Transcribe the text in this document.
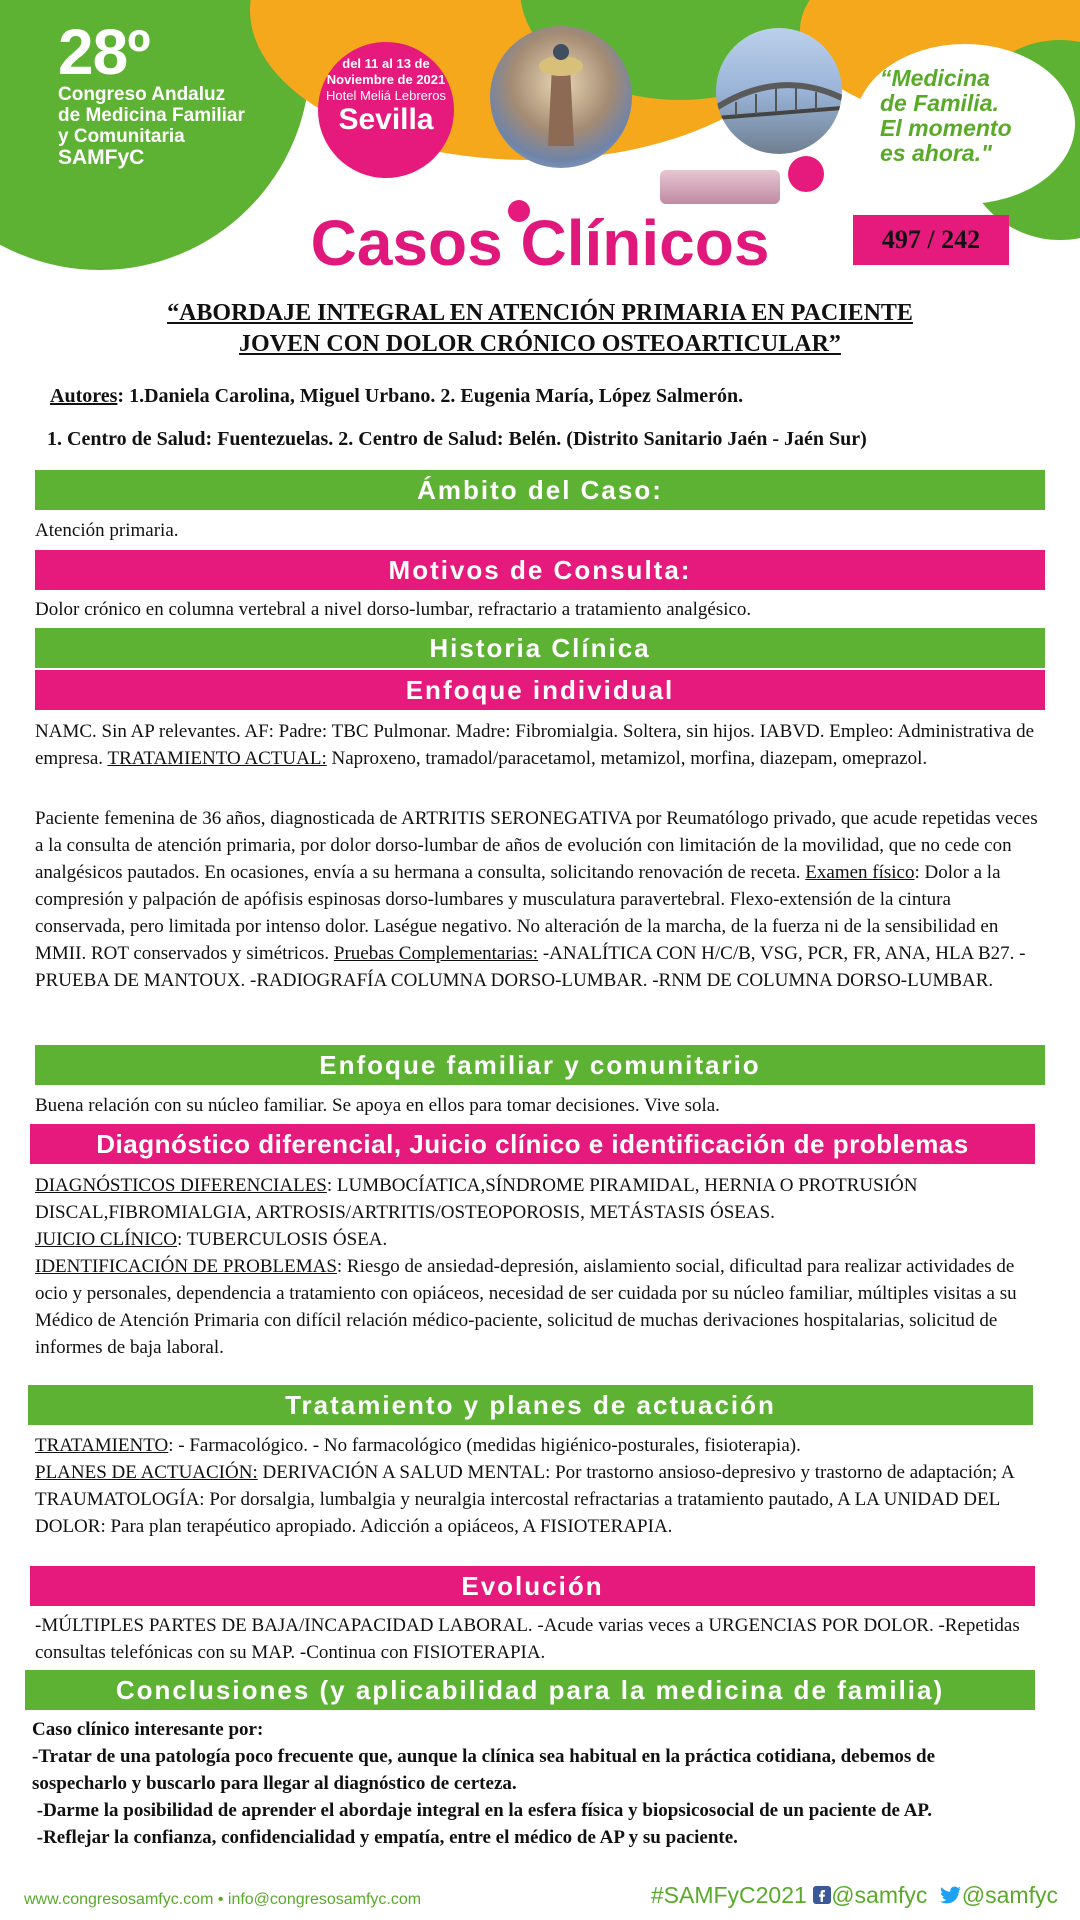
28º
Congreso Andaluz
de Medicina Familiar
y Comunitaria
SAMFyC
del 11 al 13 de
Noviembre de 2021
Hotel Meliá Lebreros
Sevilla
“Medicina
de Familia.
El momento
es ahora."
Casos Clínicos	497 / 242
“ABORDAJE INTEGRAL EN ATENCIÓN PRIMARIA EN PACIENTE
JOVEN CON DOLOR CRÓNICO OSTEOARTICULAR”
Autores: 1.Daniela Carolina, Miguel Urbano. 2. Eugenia María, López Salmerón.
1. Centro de Salud: Fuentezuelas. 2. Centro de Salud: Belén. (Distrito Sanitario Jaén - Jaén Sur)
Ámbito del Caso:
Atención primaria.
Motivos de Consulta:
Dolor crónico en columna vertebral a nivel dorso-lumbar, refractario a tratamiento analgésico.
Historia Clínica
Enfoque individual
NAMC. Sin AP relevantes. AF: Padre: TBC Pulmonar. Madre: Fibromialgia. Soltera, sin hijos. IABVD. Empleo: Administrativa de empresa. TRATAMIENTO ACTUAL: Naproxeno, tramadol/paracetamol, metamizol, morfina, diazepam, omeprazol.
Paciente femenina de 36 años, diagnosticada de ARTRITIS SERONEGATIVA por Reumatólogo privado, que acude repetidas veces a la consulta de atención primaria, por dolor dorso-lumbar de años de evolución con limitación de la movilidad, que no cede con analgésicos pautados. En ocasiones, envía a su hermana a consulta, solicitando renovación de receta. Examen físico: Dolor a la compresión y palpación de apófisis espinosas dorso-lumbares y musculatura paravertebral. Flexo-extensión de la cintura conservada, pero limitada por intenso dolor. Laségue negativo. No alteración de la marcha, de la fuerza ni de la sensibilidad en MMII. ROT conservados y simétricos. Pruebas Complementarias: -ANALÍTICA CON H/C/B, VSG, PCR, FR, ANA, HLA B27. -PRUEBA DE MANTOUX. -RADIOGRAFÍA COLUMNA DORSO-LUMBAR. -RNM DE COLUMNA DORSO-LUMBAR.
Enfoque familiar y comunitario
Buena relación con su núcleo familiar. Se apoya en ellos para tomar decisiones. Vive sola.
Diagnóstico diferencial, Juicio clínico e identificación de problemas
DIAGNÓSTICOS DIFERENCIALES: LUMBOCÍATICA,SÍNDROME PIRAMIDAL, HERNIA O PROTRUSIÓN DISCAL,FIBROMIALGIA, ARTROSIS/ARTRITIS/OSTEOPOROSIS, METÁSTASIS ÓSEAS.
JUICIO CLÍNICO: TUBERCULOSIS ÓSEA.
IDENTIFICACIÓN DE PROBLEMAS: Riesgo de ansiedad-depresión, aislamiento social, dificultad para realizar actividades de ocio y personales, dependencia a tratamiento con opiáceos, necesidad de ser cuidada por su núcleo familiar, múltiples visitas a su Médico de Atención Primaria con difícil relación médico-paciente, solicitud de muchas derivaciones hospitalarias, solicitud de informes de baja laboral.
Tratamiento y planes de actuación
TRATAMIENTO: - Farmacológico. - No farmacológico (medidas higiénico-posturales, fisioterapia).
PLANES DE ACTUACIÓN: DERIVACIÓN A SALUD MENTAL: Por trastorno ansioso-depresivo y trastorno de adaptación; A TRAUMATOLOGÍA: Por dorsalgia, lumbalgia y neuralgia intercostal refractarias a tratamiento pautado, A LA UNIDAD DEL DOLOR: Para plan terapéutico apropiado. Adicción a opiáceos, A FISIOTERAPIA.
Evolución
-MÚLTIPLES PARTES DE BAJA/INCAPACIDAD LABORAL. -Acude varias veces a URGENCIAS POR DOLOR. -Repetidas consultas telefónicas con su MAP. -Continua con FISIOTERAPIA.
Conclusiones (y aplicabilidad para la medicina de familia)
Caso clínico interesante por:
-Tratar de una patología poco frecuente que, aunque la clínica sea habitual en la práctica cotidiana, debemos de sospecharlo y buscarlo para llegar al diagnóstico de certeza.
-Darme la posibilidad de aprender el abordaje integral en la esfera física y biopsicosocial de un paciente de AP.
-Reflejar la confianza, confidencialidad y empatía, entre el médico de AP y su paciente.
www.congresosamfyc.com • info@congresosamfyc.com	#SAMFyC2021 @samfyc @samfyc
